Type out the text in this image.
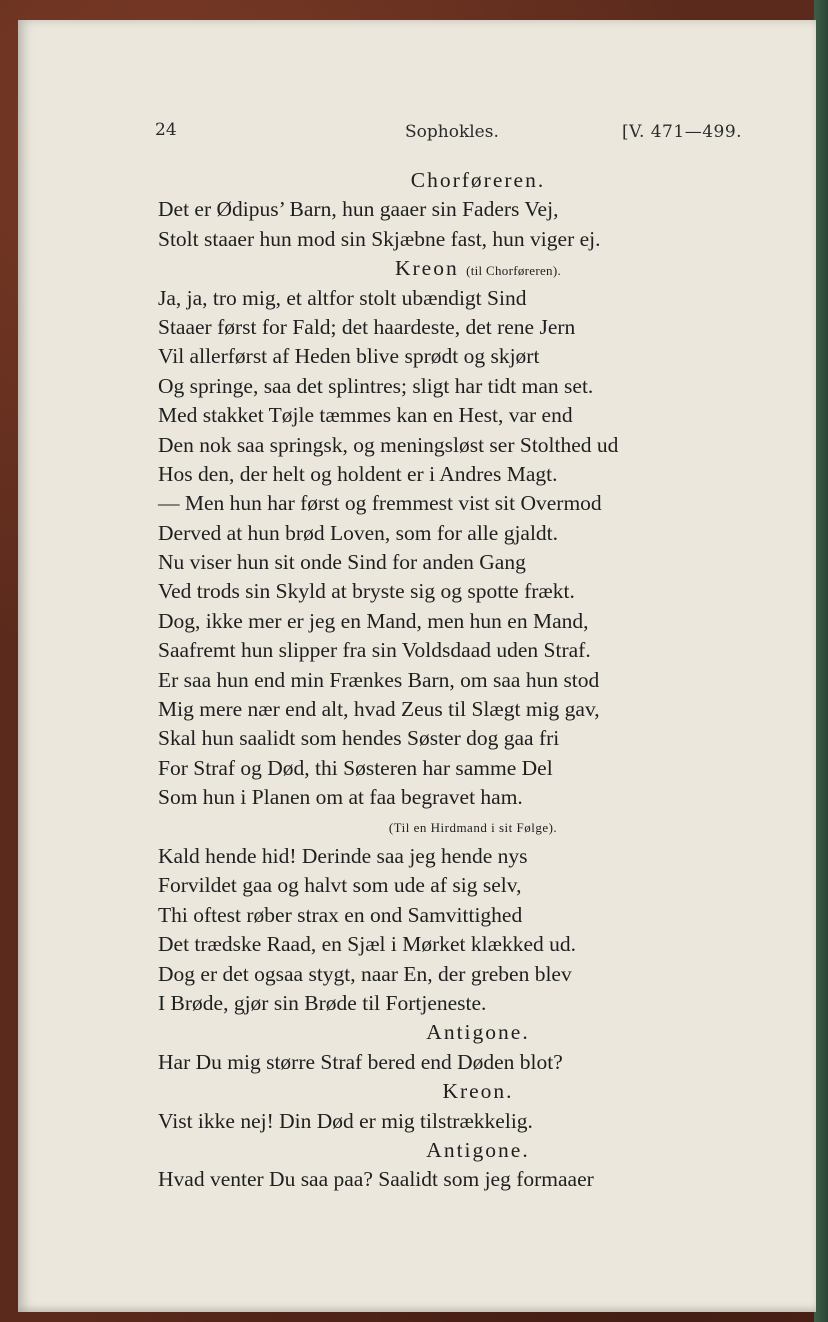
24	Sophokles.	[V. 471—499.
Chorføreren.
Det er Ødipus’ Barn, hun gaaer sin Faders Vej,
Stolt staaer hun mod sin Skjæbne fast, hun viger ej.
Kreon (til Chorføreren).
Ja, ja, tro mig, et altfor stolt ubændigt Sind
Staaer først for Fald; det haardeste, det rene Jern
Vil allerførst af Heden blive sprødt og skjørt
Og springe, saa det splintres; sligt har tidt man set.
Med stakket Tøjle tæmmes kan en Hest, var end
Den nok saa springsk, og meningsløst ser Stolthed ud
Hos den, der helt og holdent er i Andres Magt.
— Men hun har først og fremmest vist sit Overmod
Derved at hun brød Loven, som for alle gjaldt.
Nu viser hun sit onde Sind for anden Gang
Ved trods sin Skyld at bryste sig og spotte frækt.
Dog, ikke mer er jeg en Mand, men hun en Mand,
Saafremt hun slipper fra sin Voldsdaad uden Straf.
Er saa hun end min Frænkes Barn, om saa hun stod
Mig mere nær end alt, hvad Zeus til Slægt mig gav,
Skal hun saalidt som hendes Søster dog gaa fri
For Straf og Død, thi Søsteren har samme Del
Som hun i Planen om at faa begravet ham.
(Til en Hirdmand i sit Følge).
Kald hende hid! Derinde saa jeg hende nys
Forvildet gaa og halvt som ude af sig selv,
Thi oftest røber strax en ond Samvittighed
Det trædske Raad, en Sjæl i Mørket klækked ud.
Dog er det ogsaa stygt, naar En, der greben blev
I Brøde, gjør sin Brøde til Fortjeneste.
Antigone.
Har Du mig større Straf bered end Døden blot?
Kreon.
Vist ikke nej! Din Død er mig tilstrækkelig.
Antigone.
Hvad venter Du saa paa? Saalidt som jeg formaaer
